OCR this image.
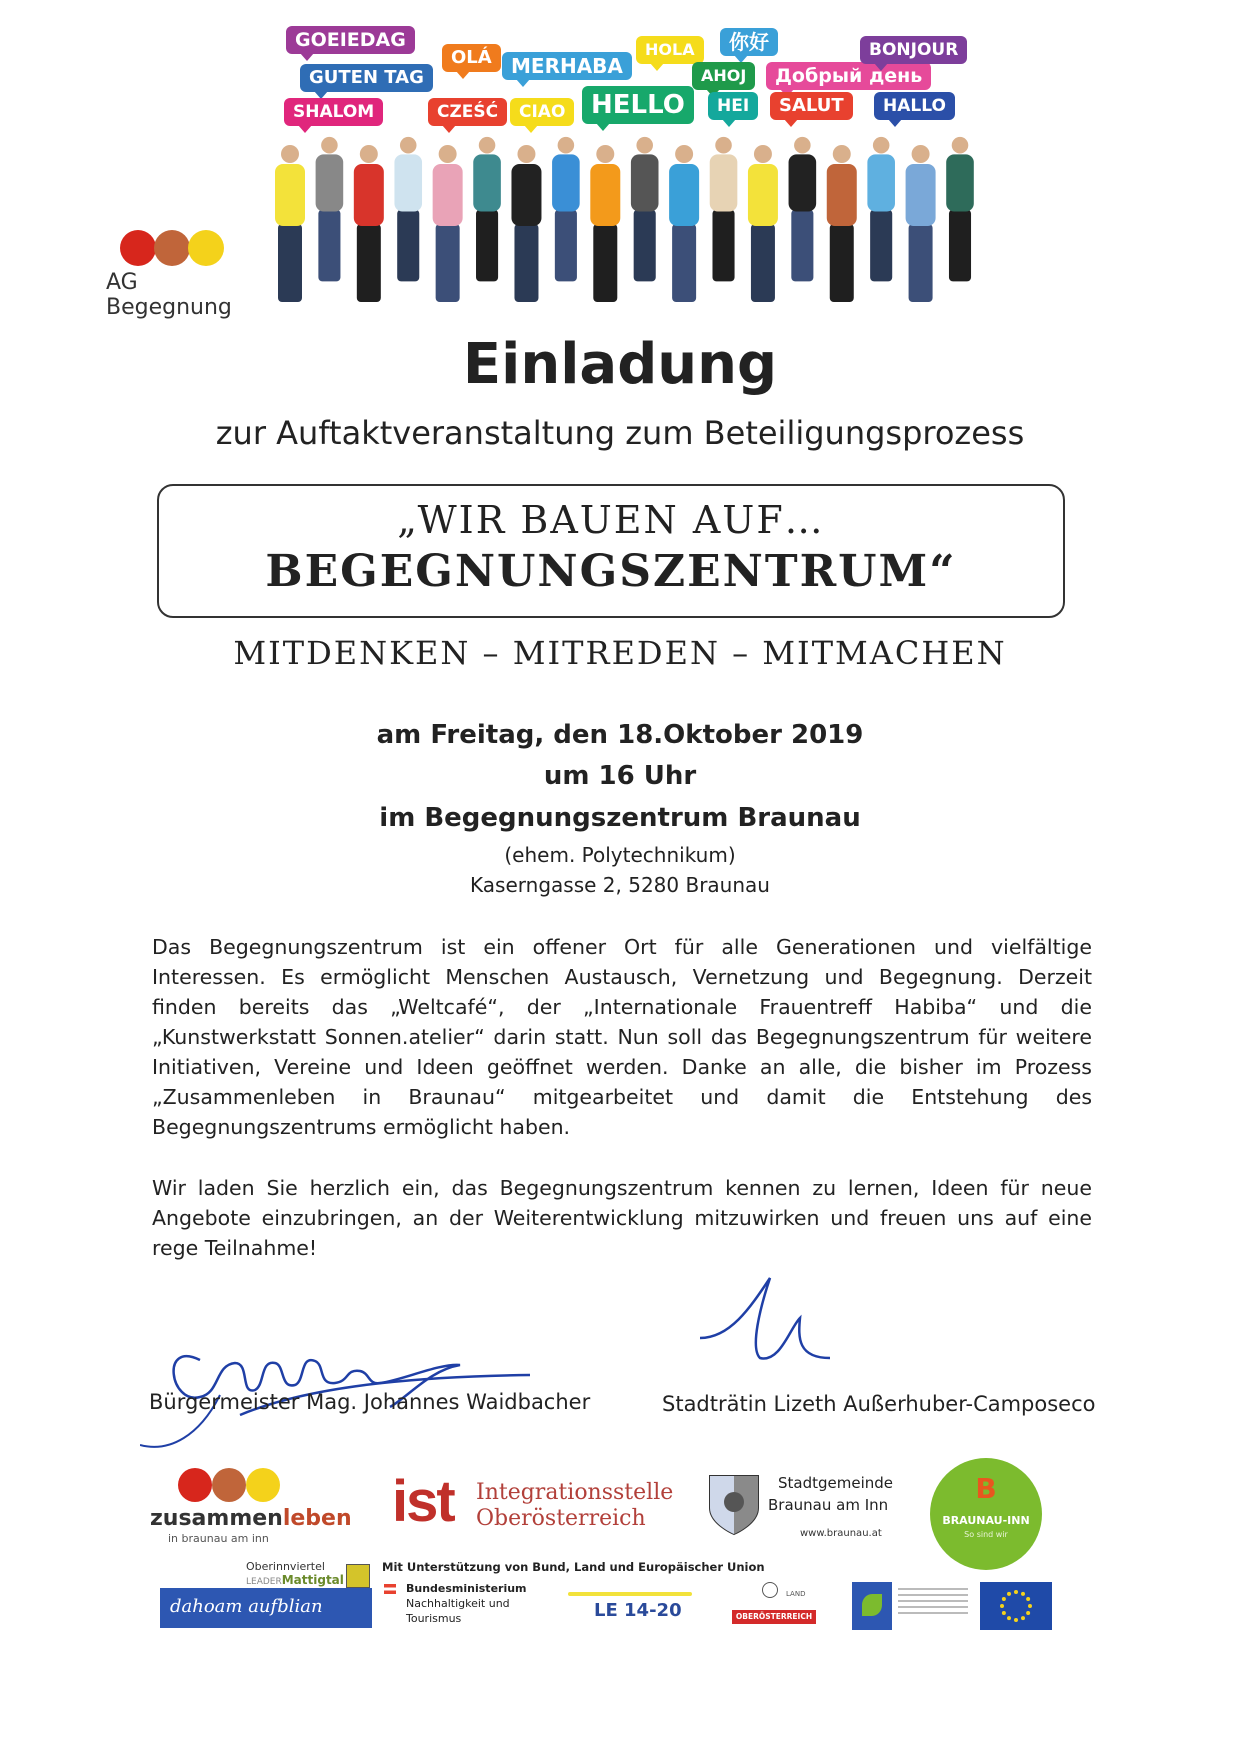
AG Begegnung
GOEIEDAG
GUTEN TAG
SHALOM
OLÁ MERHABA
CZEŚĆ	CIAO HELLO
HOLA	你好
AHOJ
HEI
Добрый день
SALUT
BONJOUR
HALLO
Einladung
zur Auftaktveranstaltung zum Beteiligungsprozess
„WIR BAUEN AUF…
BEGEGNUNGSZENTRUM“
MITDENKEN – MITREDEN – MITMACHEN
am Freitag, den 18.Oktober 2019
um 16 Uhr
im Begegnungszentrum Braunau
(ehem. Polytechnikum)
Kaserngasse 2, 5280 Braunau
Das Begegnungszentrum ist ein offener Ort für alle Generationen und vielfältige Interessen. Es ermöglicht Menschen Austausch, Vernetzung und Begegnung. Derzeit finden bereits das „Weltcafé“, der „Internationale Frauentreff Habiba“ und die „Kunstwerkstatt Sonnen.atelier“ darin statt. Nun soll das Begegnungszentrum für weitere Initiativen, Vereine und Ideen geöffnet werden. Danke an alle, die bisher im Prozess „Zusammenleben in Braunau“ mitgearbeitet und damit die Entstehung des Begegnungszentrums ermöglicht haben.
Wir laden Sie herzlich ein, das Begegnungszentrum kennen zu lernen, Ideen für neue Angebote einzubringen, an der Weiterentwicklung mitzuwirken und freuen uns auf eine rege Teilnahme!
Bürgermeister Mag. Johannes Waidbacher	Stadträtin Lizeth Außerhuber-Camposeco
zusammenleben
in braunau am inn
ist Integrationsstelle
Oberösterreich
Stadtgemeinde
Braunau am Inn
www.braunau.at
B
BRAUNAU-INN
So sind wir
Oberinnviertel
LEADERMattigtal
dahoam aufblian
Mit Unterstützung von Bund, Land und Europäischer Union
Bundesministerium
Nachhaltigkeit und
Tourismus	LE 14-20
LAND
OBERÖSTERREICH
